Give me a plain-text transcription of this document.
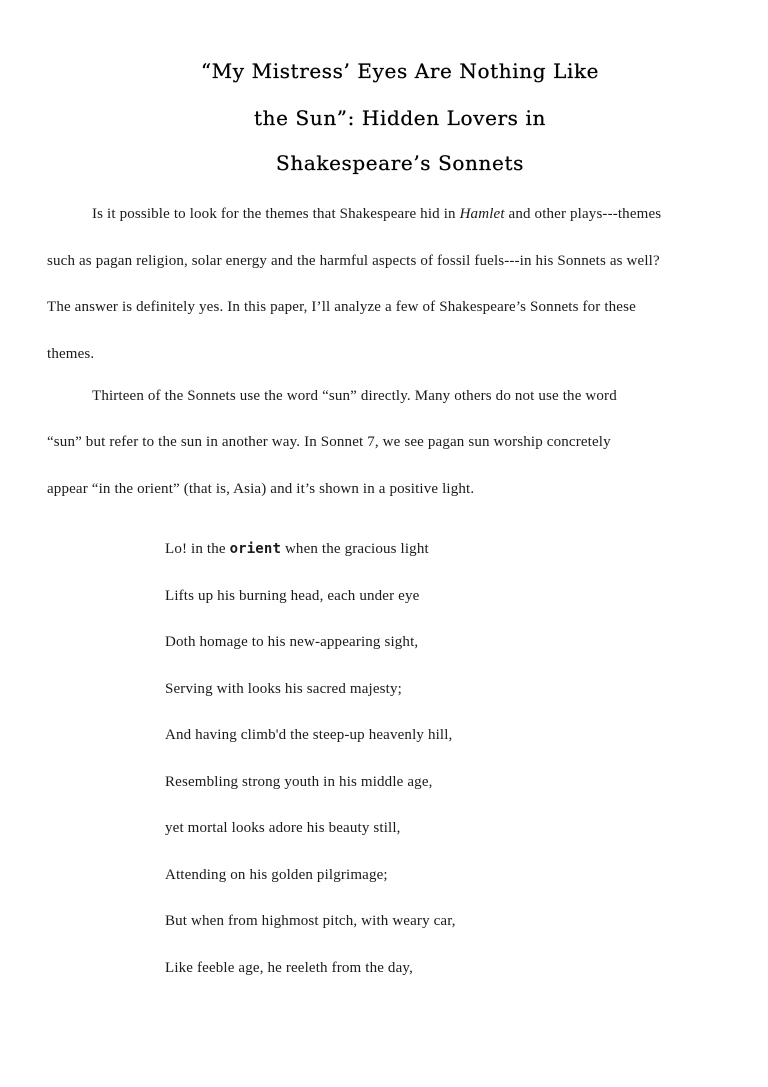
“My Mistress’ Eyes Are Nothing Like
the Sun”: Hidden Lovers in
Shakespeare’s Sonnets
Is it possible to look for the themes that Shakespeare hid in Hamlet and other plays---themes
such as pagan religion, solar energy and the harmful aspects of fossil fuels---in his Sonnets as well?
The answer is definitely yes. In this paper, I’ll analyze a few of Shakespeare’s Sonnets for these
themes.
Thirteen of the Sonnets use the word “sun” directly. Many others do not use the word
“sun” but refer to the sun in another way. In Sonnet 7, we see pagan sun worship concretely
appear “in the orient” (that is, Asia) and it’s shown in a positive light.
Lo! in the orient when the gracious light
Lifts up his burning head, each under eye
Doth homage to his new-appearing sight,
Serving with looks his sacred majesty;
And having climb'd the steep-up heavenly hill,
Resembling strong youth in his middle age,
yet mortal looks adore his beauty still,
Attending on his golden pilgrimage;
But when from highmost pitch, with weary car,
Like feeble age, he reeleth from the day,
